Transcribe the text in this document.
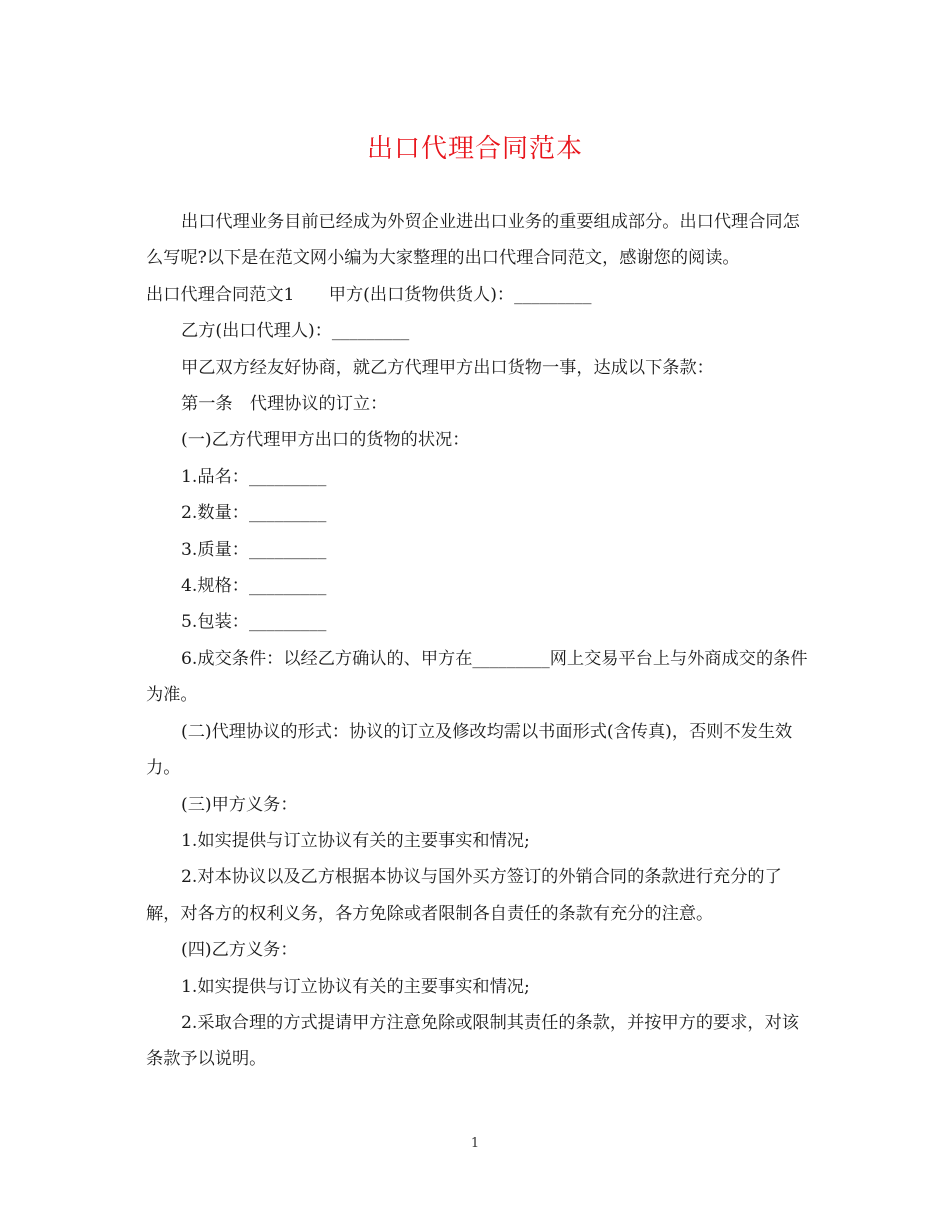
出口代理合同范本

出口代理业务目前已经成为外贸企业进出口业务的重要组成部分。出口代理合同怎么写呢?以下是在范文网小编为大家整理的出口代理合同范文，感谢您的阅读。

出口代理合同范文1　　甲方(出口货物供货人)：_________

乙方(出口代理人)：_________

甲乙双方经友好协商，就乙方代理甲方出口货物一事，达成以下条款：

第一条　代理协议的订立：

(一)乙方代理甲方出口的货物的状况：

1.品名：_________

2.数量：_________

3.质量：_________

4.规格：_________

5.包装：_________

6.成交条件：以经乙方确认的、甲方在_________网上交易平台上与外商成交的条件为准。

(二)代理协议的形式：协议的订立及修改均需以书面形式(含传真)，否则不发生效力。

(三)甲方义务：

1.如实提供与订立协议有关的主要事实和情况;

2.对本协议以及乙方根据本协议与国外买方签订的外销合同的条款进行充分的了解，对各方的权利义务，各方免除或者限制各自责任的条款有充分的注意。

(四)乙方义务：

1.如实提供与订立协议有关的主要事实和情况;

2.采取合理的方式提请甲方注意免除或限制其责任的条款，并按甲方的要求，对该条款予以说明。

1
